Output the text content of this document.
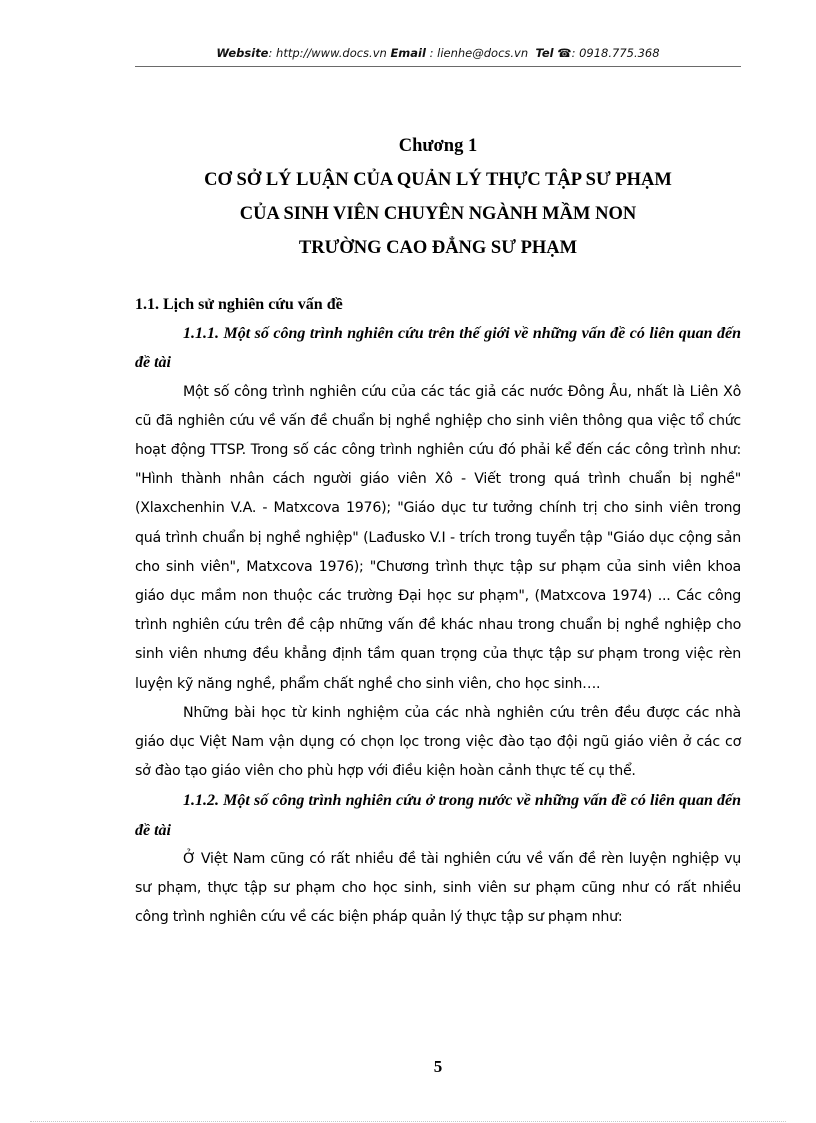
Website: http://www.docs.vn Email : lienhe@docs.vn Tel ☎: 0918.775.368
Chương 1
CƠ SỞ LÝ LUẬN CỦA QUẢN LÝ THỰC TẬP SƯ PHẠM
CỦA SINH VIÊN CHUYÊN NGÀNH MẦM NON
TRƯỜNG CAO ĐẲNG SƯ PHẠM

1.1. Lịch sử nghiên cứu vấn đề

1.1.1. Một số công trình nghiên cứu trên thế giới về những vấn đề có liên quan đến đề tài

Một số công trình nghiên cứu của các tác giả các nước Đông Âu, nhất là Liên Xô cũ đã nghiên cứu về vấn đề chuẩn bị nghề nghiệp cho sinh viên thông qua việc tổ chức hoạt động TTSP. Trong số các công trình nghiên cứu đó phải kể đến các công trình như: "Hình thành nhân cách người giáo viên Xô - Viết trong quá trình chuẩn bị nghề" (Xlaxchenhin V.A. - Matxcova 1976); "Giáo dục tư tưởng chính trị cho sinh viên trong quá trình chuẩn bị nghề nghiệp" (Lađusko V.I - trích trong tuyển tập "Giáo dục cộng sản cho sinh viên", Matxcova 1976); "Chương trình thực tập sư phạm của sinh viên khoa giáo dục mầm non thuộc các trường Đại học sư phạm", (Matxcova 1974) ... Các công trình nghiên cứu trên đề cập những vấn đề khác nhau trong chuẩn bị nghề nghiệp cho sinh viên nhưng đều khẳng định tầm quan trọng của thực tập sư phạm trong việc rèn luyện kỹ năng nghề, phẩm chất nghề cho sinh viên, cho học sinh….

Những bài học từ kinh nghiệm của các nhà nghiên cứu trên đều được các nhà giáo dục Việt Nam vận dụng có chọn lọc trong việc đào tạo đội ngũ giáo viên ở các cơ sở đào tạo giáo viên cho phù hợp với điều kiện hoàn cảnh thực tế cụ thể.

1.1.2. Một số công trình nghiên cứu ở trong nước về những vấn đề có liên quan đến đề tài

Ở Việt Nam cũng có rất nhiều đề tài nghiên cứu về vấn đề rèn luyện nghiệp vụ sư phạm, thực tập sư phạm cho học sinh, sinh viên sư phạm cũng như có rất nhiều công trình nghiên cứu về các biện pháp quản lý thực tập sư phạm như:

5
